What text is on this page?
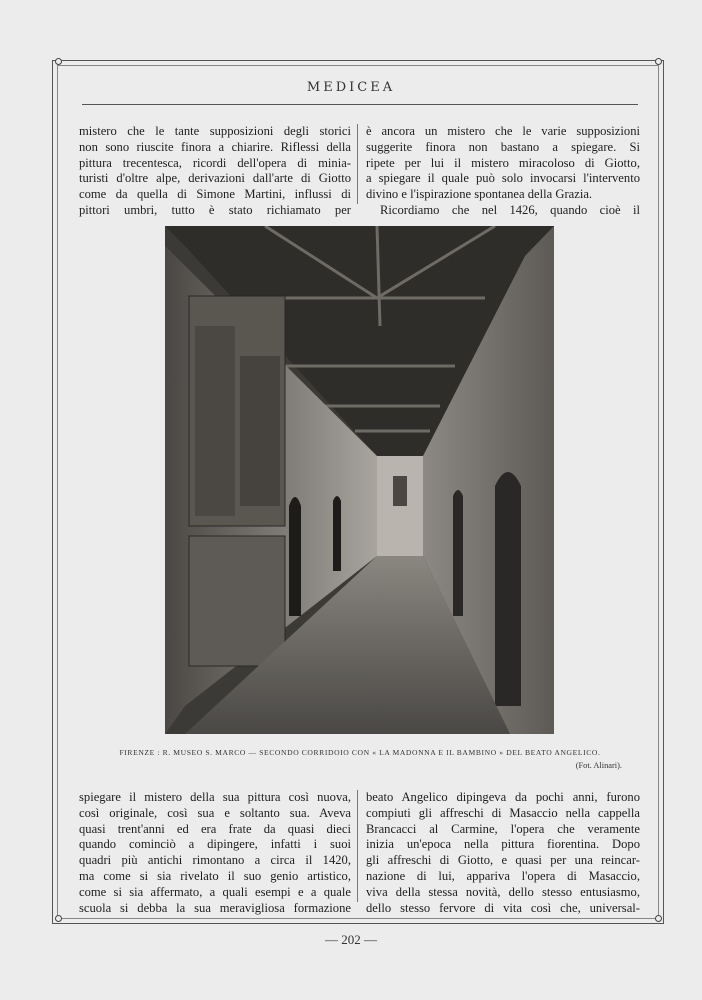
MEDICEA
mistero che le tante supposizioni degli storici
non sono riuscite finora a chiarire. Riflessi della
pittura trecentesca, ricordi dell'opera di minia-
turisti d'oltre alpe, derivazioni dall'arte di Giotto
come da quella di Simone Martini, influssi di
pittori umbri, tutto è stato richiamato per
è ancora un mistero che le varie supposizioni
suggerite finora non bastano a spiegare. Si
ripete per lui il mistero miracoloso di Giotto,
a spiegare il quale può solo invocarsi l'intervento
divino e l'ispirazione spontanea della Grazia.
Ricordiamo che nel 1426, quando cioè il
FIRENZE : R. MUSEO S. MARCO — SECONDO CORRIDOIO CON « LA MADONNA E IL BAMBINO » DEL BEATO ANGELICO.
(Fot. Alinari).
spiegare il mistero della sua pittura così nuova,
così originale, così sua e soltanto sua. Aveva
quasi trent'anni ed era frate da quasi dieci
quando cominciò a dipingere, infatti i suoi
quadri più antichi rimontano a circa il 1420,
ma come si sia rivelato il suo genio artistico,
come si sia affermato, a quali esempi e a quale
scuola si debba la sua meravigliosa formazione
beato Angelico dipingeva da pochi anni, furono
compiuti gli affreschi di Masaccio nella cappella
Brancacci al Carmine, l'opera che veramente
inizia un'epoca nella pittura fiorentina. Dopo
gli affreschi di Giotto, e quasi per una reincar-
nazione di lui, appariva l'opera di Masaccio,
viva della stessa novità, dello stesso entusiasmo,
dello stesso fervore di vita così che, universal-
— 202 —
